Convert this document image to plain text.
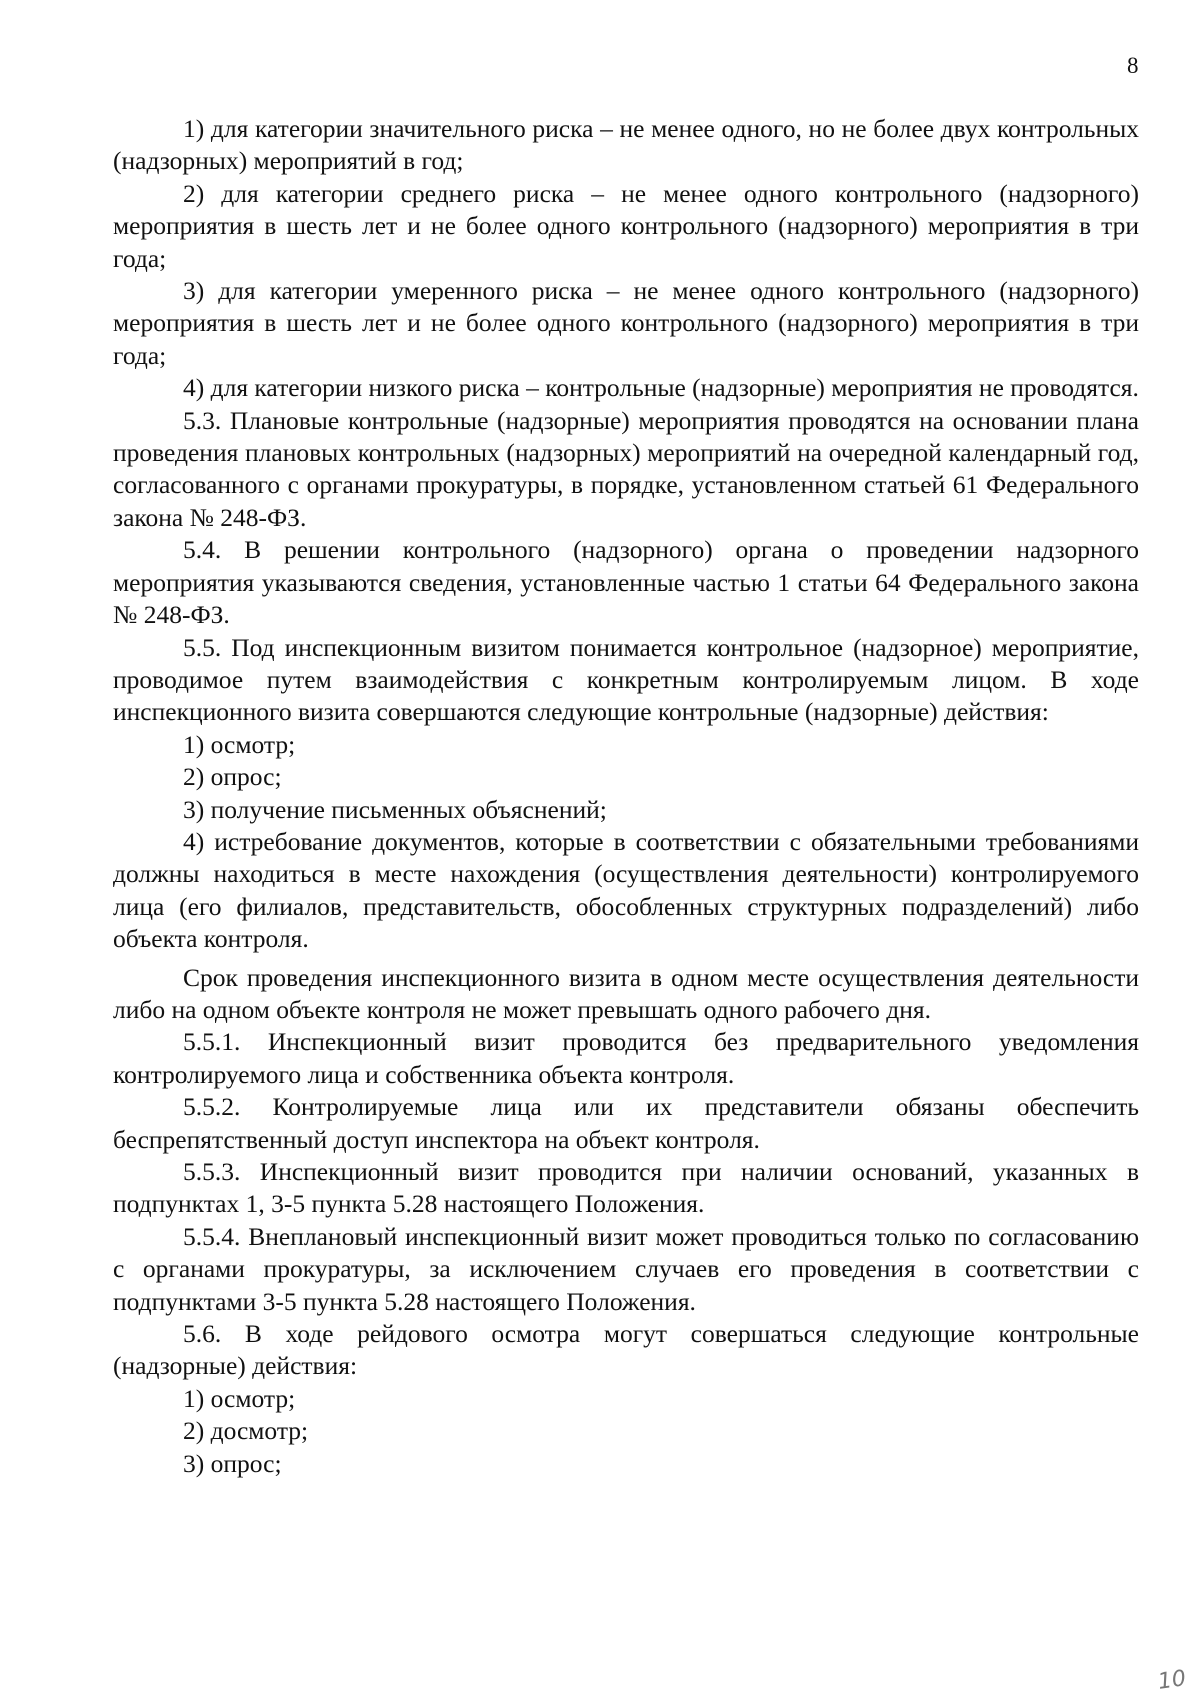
8

1) для категории значительного риска – не менее одного, но не более двух контрольных (надзорных) мероприятий в год;

2) для категории среднего риска – не менее одного контрольного (надзорного) мероприятия в шесть лет и не более одного контрольного (надзорного) мероприятия в три года;

3) для категории умеренного риска – не менее одного контрольного (надзорного) мероприятия в шесть лет и не более одного контрольного (надзорного) мероприятия в три года;

4) для категории низкого риска – контрольные (надзорные) мероприятия не проводятся.

5.3. Плановые контрольные (надзорные) мероприятия проводятся на основании плана проведения плановых контрольных (надзорных) мероприятий на очередной календарный год, согласованного с органами прокуратуры, в порядке, установленном статьей 61 Федерального закона № 248-ФЗ.

5.4. В решении контрольного (надзорного) органа о проведении надзорного мероприятия указываются сведения, установленные частью 1 статьи 64 Федерального закона № 248-ФЗ.

5.5. Под инспекционным визитом понимается контрольное (надзорное) мероприятие, проводимое путем взаимодействия с конкретным контролируемым лицом. В ходе инспекционного визита совершаются следующие контрольные (надзорные) действия:

1) осмотр;

2) опрос;

3) получение письменных объяснений;

4) истребование документов, которые в соответствии с обязательными требованиями должны находиться в месте нахождения (осуществления деятельности) контролируемого лица (его филиалов, представительств, обособленных структурных подразделений) либо объекта контроля.

Срок проведения инспекционного визита в одном месте осуществления деятельности либо на одном объекте контроля не может превышать одного рабочего дня.

5.5.1. Инспекционный визит проводится без предварительного уведомления контролируемого лица и собственника объекта контроля.

5.5.2. Контролируемые лица или их представители обязаны обеспечить беспрепятственный доступ инспектора на объект контроля.

5.5.3. Инспекционный визит проводится при наличии оснований, указанных в подпунктах 1, 3-5 пункта 5.28 настоящего Положения.

5.5.4. Внеплановый инспекционный визит может проводиться только по согласованию с органами прокуратуры, за исключением случаев его проведения в соответствии с подпунктами 3-5 пункта 5.28 настоящего Положения.

5.6. В ходе рейдового осмотра могут совершаться следующие контрольные (надзорные) действия:

1) осмотр;

2) досмотр;

3) опрос;

10
